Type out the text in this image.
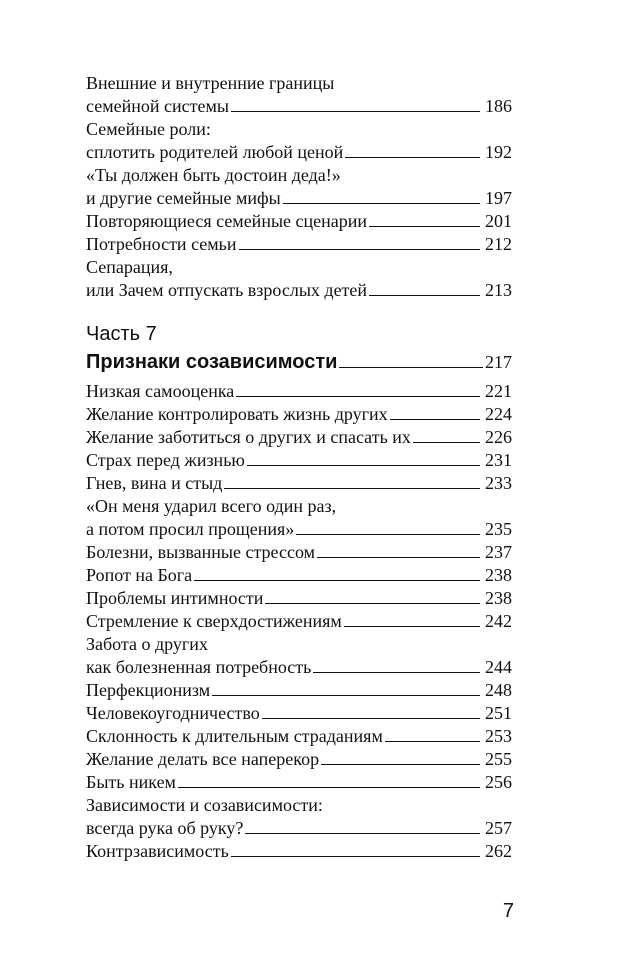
Внешние и внутренние границы
семейной системы	186
Семейные роли:
сплотить родителей любой ценой	192
«Ты должен быть достоин деда!»
и другие семейные мифы	197
Повторяющиеся семейные сценарии	201
Потребности семьи	212
Сепарация,
или Зачем отпускать взрослых детей	213
Часть 7
Признаки созависимости	217
Низкая самооценка	221
Желание контролировать жизнь других	224
Желание заботиться о других и спасать их	226
Страх перед жизнью	231
Гнев, вина и стыд	233
«Он меня ударил всего один раз,
а потом просил прощения»	235
Болезни, вызванные стрессом	237
Ропот на Бога	238
Проблемы интимности	238
Стремление к сверхдостижениям	242
Забота о других
как болезненная потребность	244
Перфекционизм	248
Человекоугодничество	251
Склонность к длительным страданиям	253
Желание делать все наперекор	255
Быть никем	256
Зависимости и созависимости:
всегда рука об руку?	257
Контрзависимость	262
7
